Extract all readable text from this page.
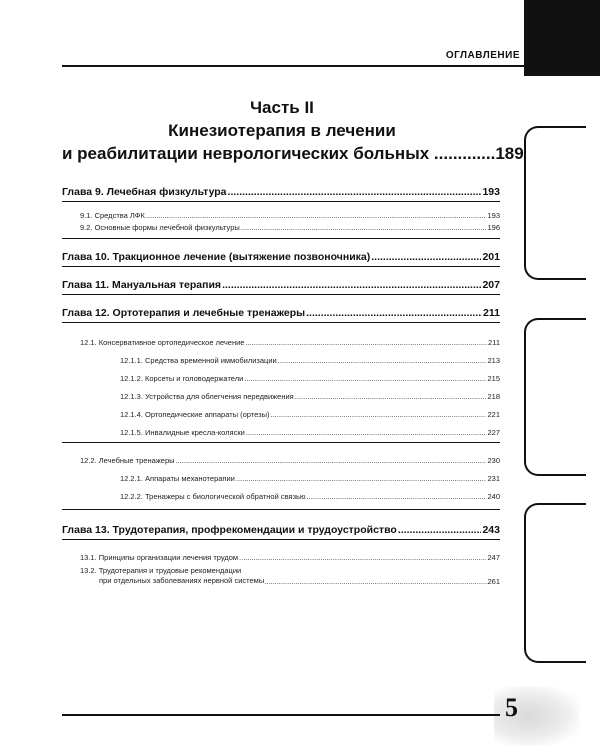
ОГЛАВЛЕНИЕ
Часть II
Кинезиотерапия в лечении
и реабилитации неврологических больных .............189
Глава 9. Лечебная физкультура .....	193
9.1. Средства ЛФК .....	193
9.2. Основные формы лечебной физкультуры .....	196
Глава 10. Тракционное лечение (вытяжение позвоночника) .....	201
Глава 11. Мануальная терапия .....	207
Глава 12. Ортотерапия и лечебные тренажеры .....	211
12.1. Консервативное ортопедическое лечение .....	211
12.1.1. Средства временной иммобилизации .....	213
12.1.2. Корсеты и головодержатели .....	215
12.1.3. Устройства для облегчения передвижения .....	218
12.1.4. Ортопедические аппараты (ортезы) .....	221
12.1.5. Инвалидные кресла-коляски .....	227
12.2. Лечебные тренажеры .....	230
12.2.1. Аппараты механотерапии .....	231
12.2.2. Тренажеры с биологической обратной связью .....	240
Глава 13. Трудотерапия, профрекомендации и трудоустройство .....	243
13.1. Принципы организации лечения трудом .....	247
13.2. Трудотерапия и трудовые рекомендации
при отдельных заболеваниях нервной системы .....	261
5
